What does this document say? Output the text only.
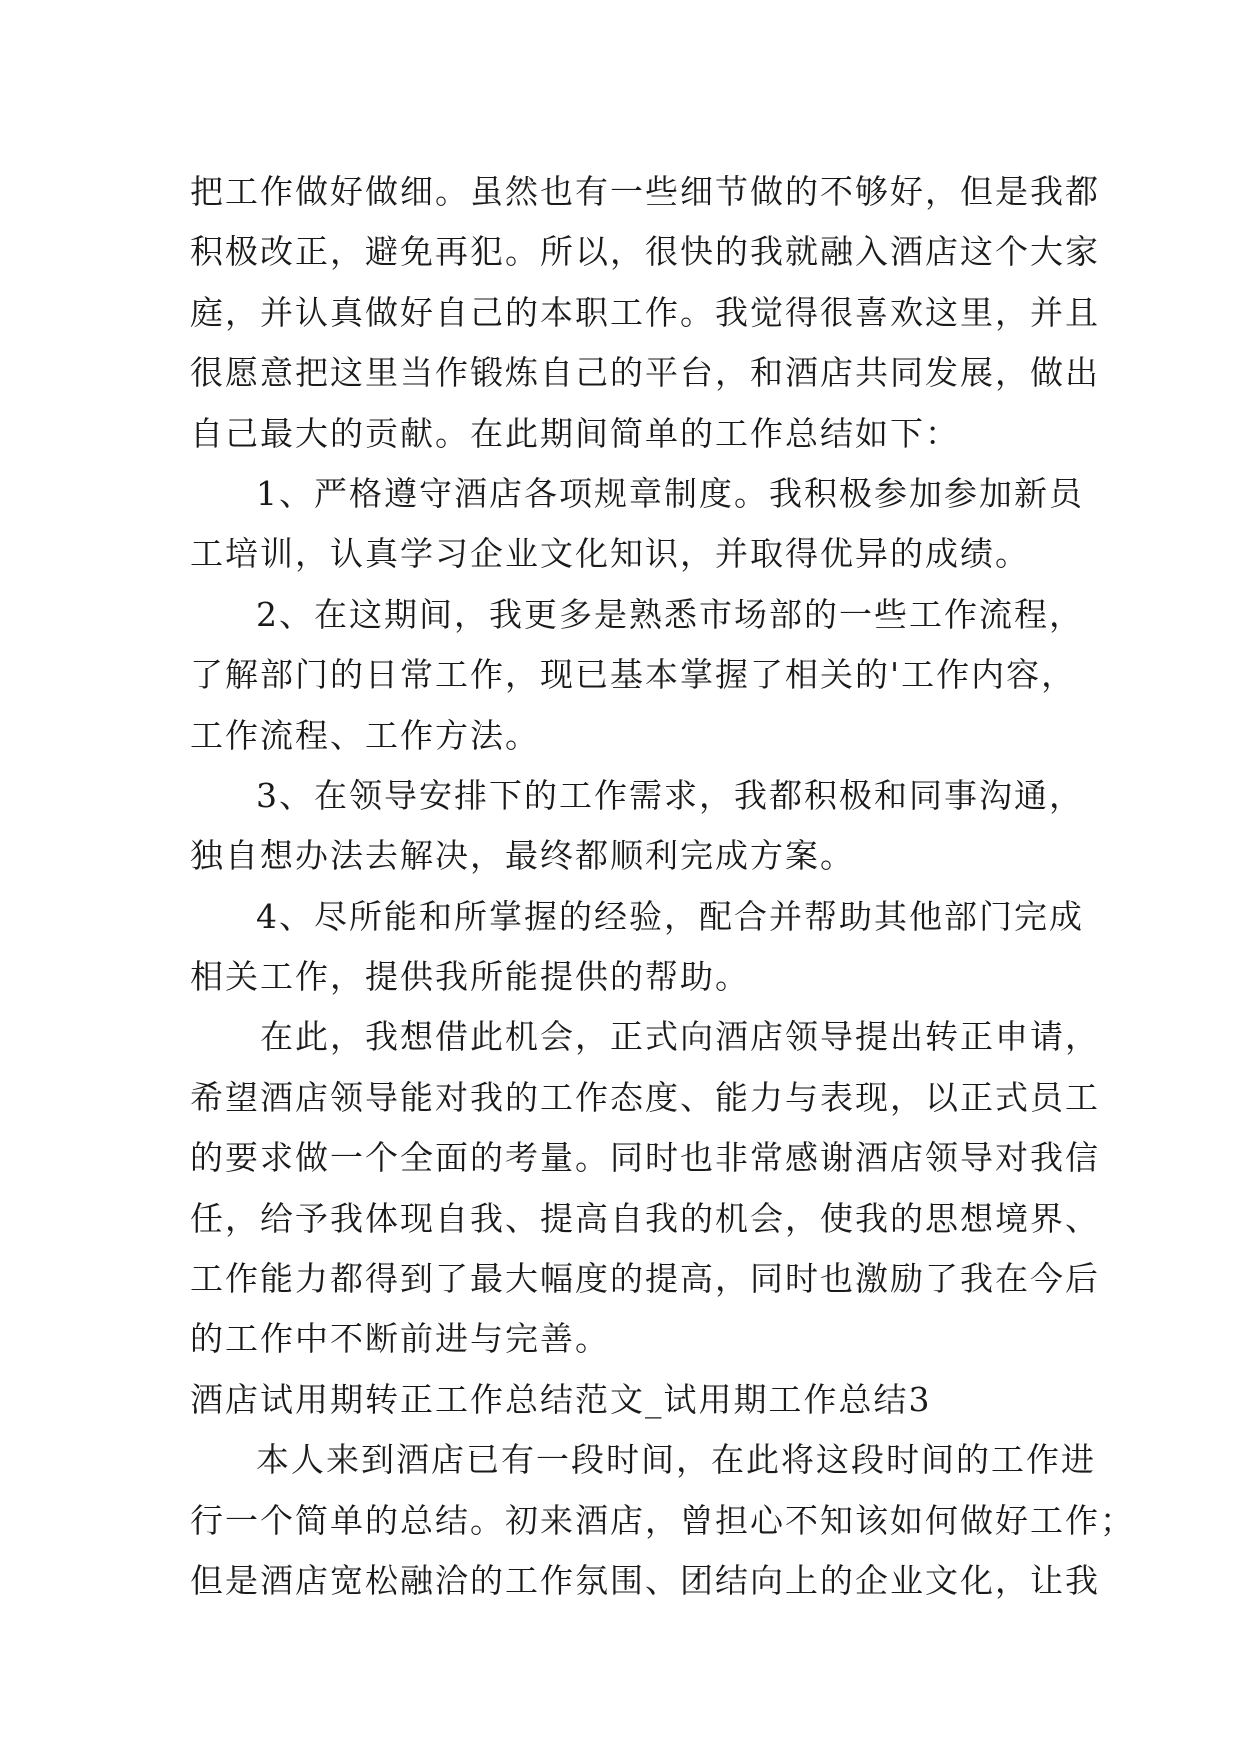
把工作做好做细。虽然也有一些细节做的不够好，但是我都
积极改正，避免再犯。所以，很快的我就融入酒店这个大家
庭，并认真做好自己的本职工作。我觉得很喜欢这里，并且
很愿意把这里当作锻炼自己的平台，和酒店共同发展，做出
自己最大的贡献。在此期间简单的工作总结如下：
1、严格遵守酒店各项规章制度。我积极参加参加新员
工培训，认真学习企业文化知识，并取得优异的成绩。
2、在这期间，我更多是熟悉市场部的一些工作流程，
了解部门的日常工作，现已基本掌握了相关的'工作内容，
工作流程、工作方法。
3、在领导安排下的工作需求，我都积极和同事沟通，
独自想办法去解决，最终都顺利完成方案。
4、尽所能和所掌握的经验，配合并帮助其他部门完成
相关工作，提供我所能提供的帮助。
在此，我想借此机会，正式向酒店领导提出转正申请，
希望酒店领导能对我的工作态度、能力与表现，以正式员工
的要求做一个全面的考量。同时也非常感谢酒店领导对我信
任，给予我体现自我、提高自我的机会，使我的思想境界、
工作能力都得到了最大幅度的提高，同时也激励了我在今后
的工作中不断前进与完善。
酒店试用期转正工作总结范文_试用期工作总结3
本人来到酒店已有一段时间，在此将这段时间的工作进
行一个简单的总结。初来酒店，曾担心不知该如何做好工作；
但是酒店宽松融洽的工作氛围、团结向上的企业文化，让我
